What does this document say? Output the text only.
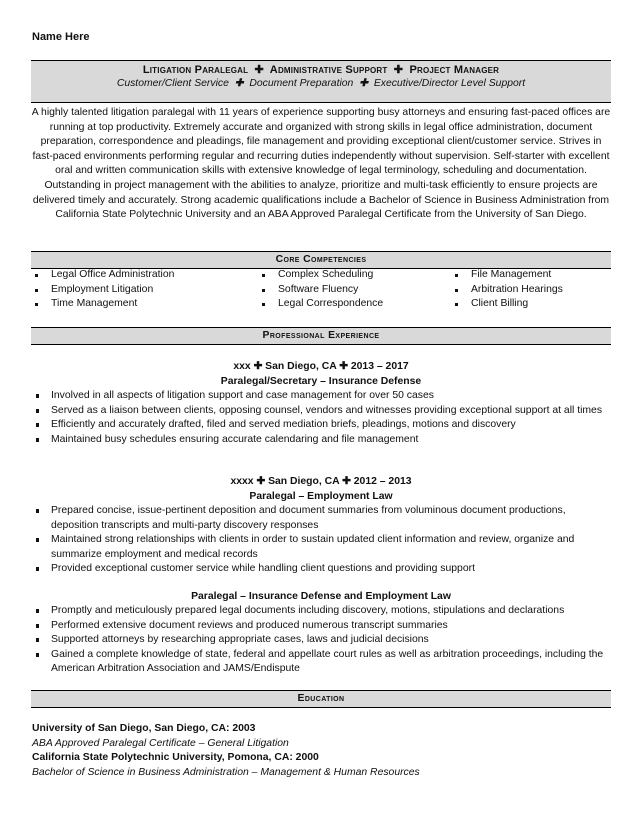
Name Here
Litigation Paralegal ✚ Administrative Support ✚ Project Manager
Customer/Client Service ✚ Document Preparation ✚ Executive/Director Level Support
A highly talented litigation paralegal with 11 years of experience supporting busy attorneys and ensuring fast-paced offices are running at top productivity. Extremely accurate and organized with strong skills in legal office administration, document preparation, correspondence and pleadings, file management and providing exceptional client/customer service. Strives in fast-paced environments performing regular and recurring duties independently without supervision. Self-starter with excellent oral and written communication skills with extensive knowledge of legal terminology, scheduling and documentation. Outstanding in project management with the abilities to analyze, prioritize and multi-task efficiently to ensure projects are delivered timely and accurately. Strong academic qualifications include a Bachelor of Science in Business Administration from California State Polytechnic University and an ABA Approved Paralegal Certificate from the University of San Diego.
Core Competencies
Legal Office Administration
Employment Litigation
Time Management
Complex Scheduling
Software Fluency
Legal Correspondence
File Management
Arbitration Hearings
Client Billing
Professional Experience
xxx ✚ San Diego, CA ✚ 2013 – 2017
Paralegal/Secretary – Insurance Defense
Involved in all aspects of litigation support and case management for over 50 cases
Served as a liaison between clients, opposing counsel, vendors and witnesses providing exceptional support at all times
Efficiently and accurately drafted, filed and served mediation briefs, pleadings, motions and discovery
Maintained busy schedules ensuring accurate calendaring and file management
xxxx ✚ San Diego, CA ✚ 2012 – 2013
Paralegal – Employment Law
Prepared concise, issue-pertinent deposition and document summaries from voluminous document productions, deposition transcripts and multi-party discovery responses
Maintained strong relationships with clients in order to sustain updated client information and review, organize and summarize employment and medical records
Provided exceptional customer service while handling client questions and providing support
Paralegal – Insurance Defense and Employment Law
Promptly and meticulously prepared legal documents including discovery, motions, stipulations and declarations
Performed extensive document reviews and produced numerous transcript summaries
Supported attorneys by researching appropriate cases, laws and judicial decisions
Gained a complete knowledge of state, federal and appellate court rules as well as arbitration proceedings, including the American Arbitration Association and JAMS/Endispute
Education
University of San Diego, San Diego, CA: 2003
ABA Approved Paralegal Certificate – General Litigation
California State Polytechnic University, Pomona, CA: 2000
Bachelor of Science in Business Administration – Management & Human Resources
